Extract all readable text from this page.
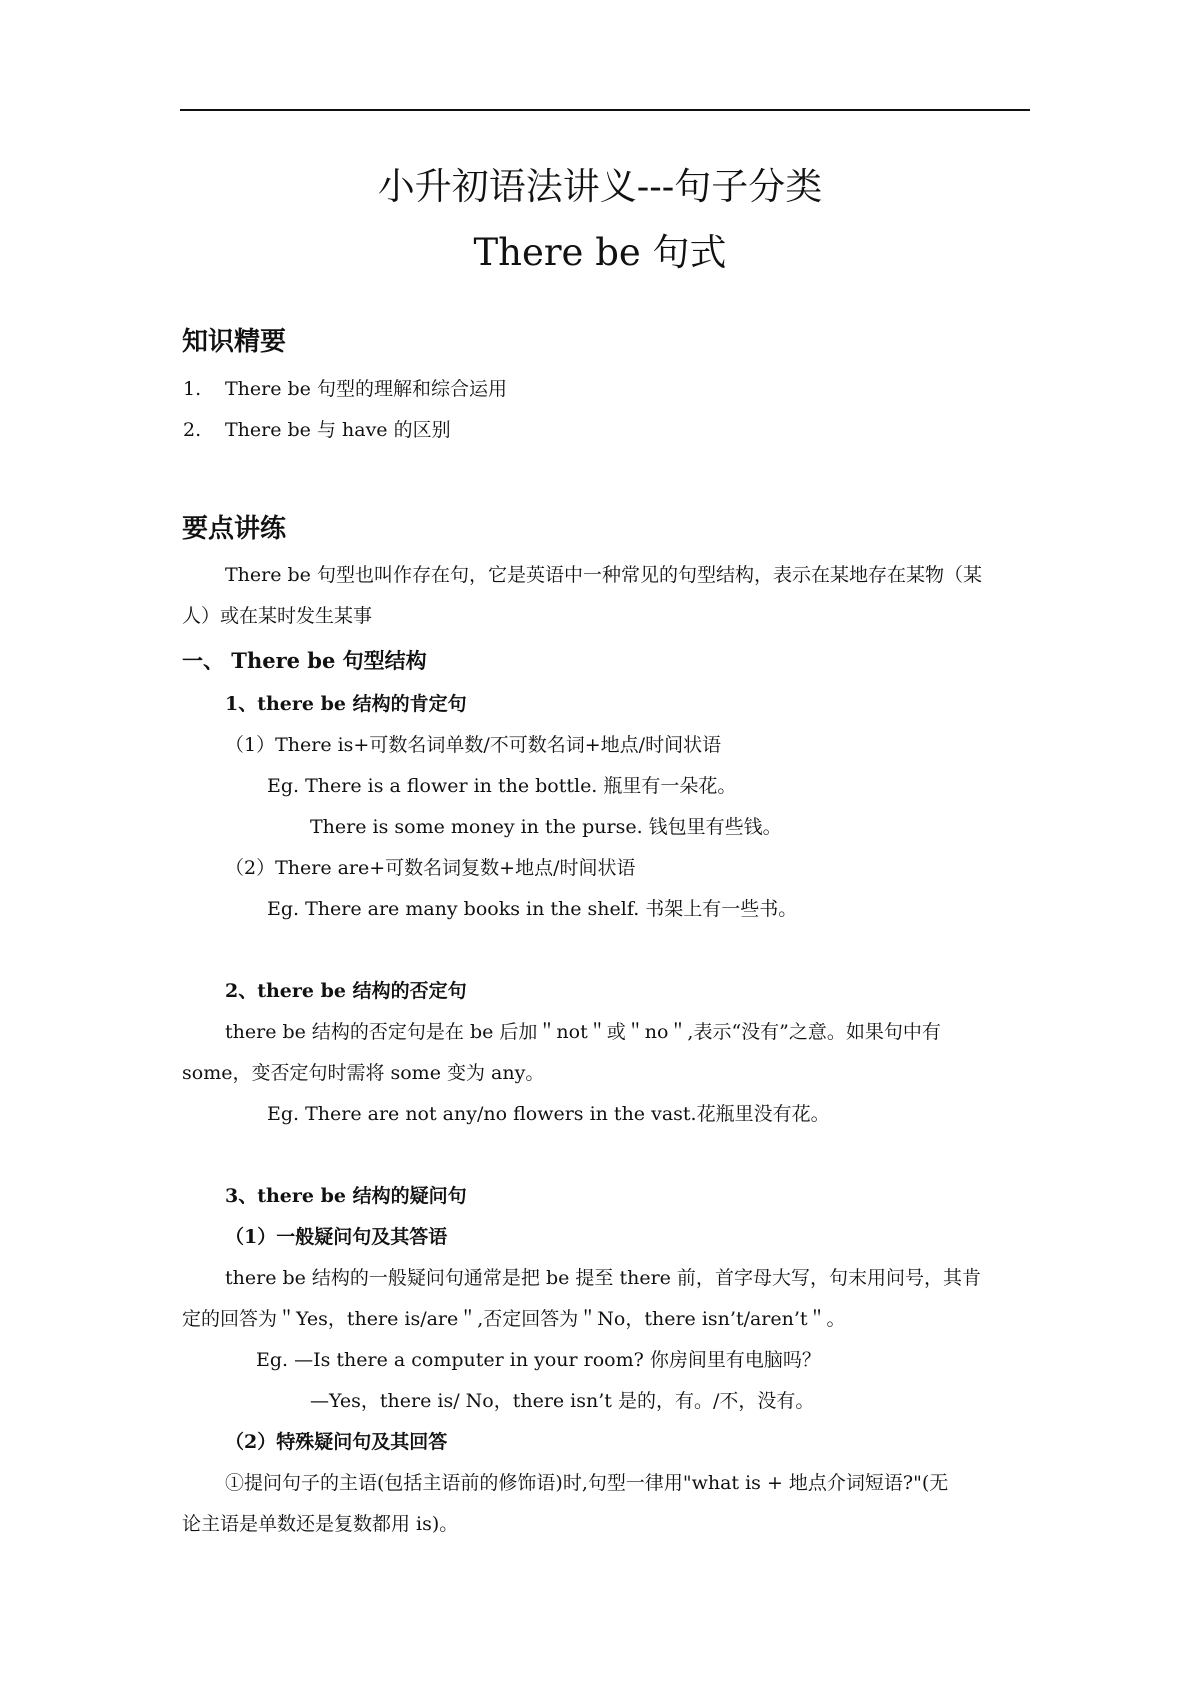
小升初语法讲义---句子分类
There be 句式
知识精要
1. There be 句型的理解和综合运用
2. There be 与 have 的区别
要点讲练
There be 句型也叫作存在句，它是英语中一种常见的句型结构，表示在某地存在某物（某
人）或在某时发生某事
一、 There be 句型结构
1、there be 结构的肯定句
（1）There is+可数名词单数/不可数名词+地点/时间状语
Eg. There is a flower in the bottle. 瓶里有一朵花。
There is some money in the purse. 钱包里有些钱。
（2）There are+可数名词复数+地点/时间状语
Eg. There are many books in the shelf. 书架上有一些书。
2、there be 结构的否定句
there be 结构的否定句是在 be 后加＂not＂或＂no＂,表示“没有”之意。如果句中有
some，变否定句时需将 some 变为 any。
Eg. There are not any/no flowers in the vast.花瓶里没有花。
3、there be 结构的疑问句
（1）一般疑问句及其答语
there be 结构的一般疑问句通常是把 be 提至 there 前，首字母大写，句末用问号，其肯
定的回答为＂Yes，there is/are＂,否定回答为＂No，there isn’t/aren’t＂。
Eg. —Is there a computer in your room? 你房间里有电脑吗？
—Yes，there is/ No，there isn’t 是的，有。/不，没有。
（2）特殊疑问句及其回答
①提问句子的主语(包括主语前的修饰语)时,句型一律用"what is + 地点介词短语?"(无
论主语是单数还是复数都用 is)。
